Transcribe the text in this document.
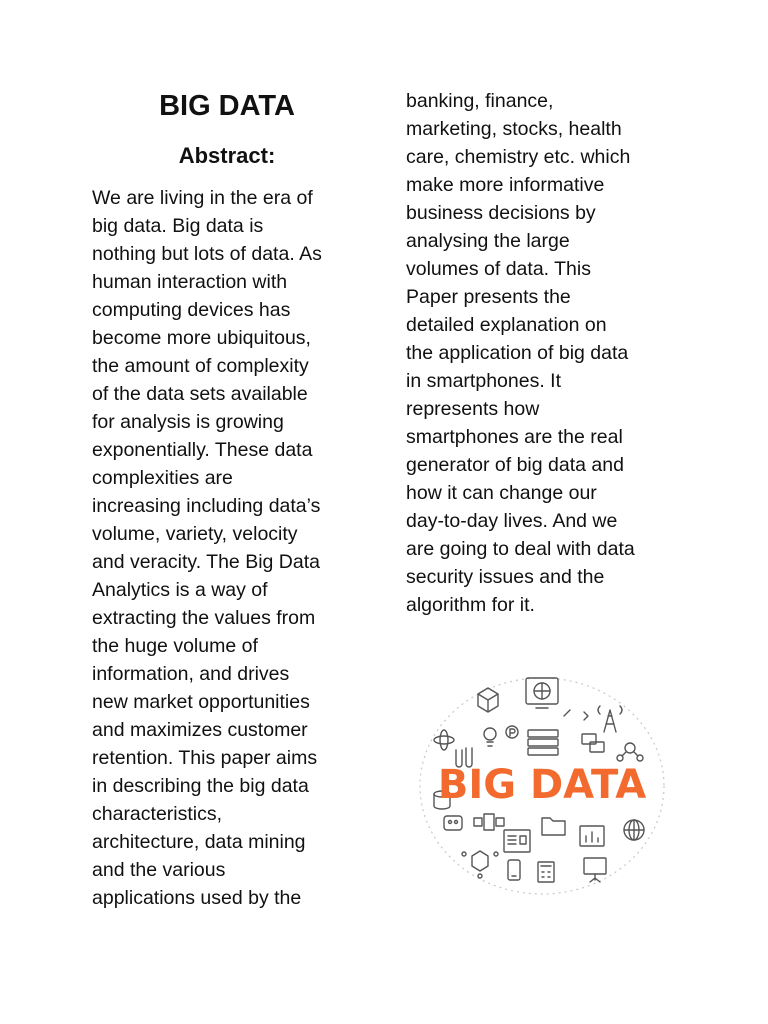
BIG DATA
Abstract:
We are living in the era of
big data. Big data is
nothing but lots of data. As
human interaction with
computing devices has
become more ubiquitous,
the amount of complexity
of the data sets available
for analysis is growing
exponentially. These data
complexities are
increasing including data’s
volume, variety, velocity
and veracity. The Big Data
Analytics is a way of
extracting the values from
the huge volume of
information, and drives
new market opportunities
and maximizes customer
retention. This paper aims
in describing the big data
characteristics,
architecture, data mining
and the various
applications used by the
banking, finance,
marketing, stocks, health
care, chemistry etc. which
make more informative
business decisions by
analysing the large
volumes of data. This
Paper presents the
detailed explanation on
the application of big data
in smartphones. It
represents how
smartphones are the real
generator of big data and
how it can change our
day-to-day lives. And we
are going to deal with data
security issues and the
algorithm for it.
BIG DATA
